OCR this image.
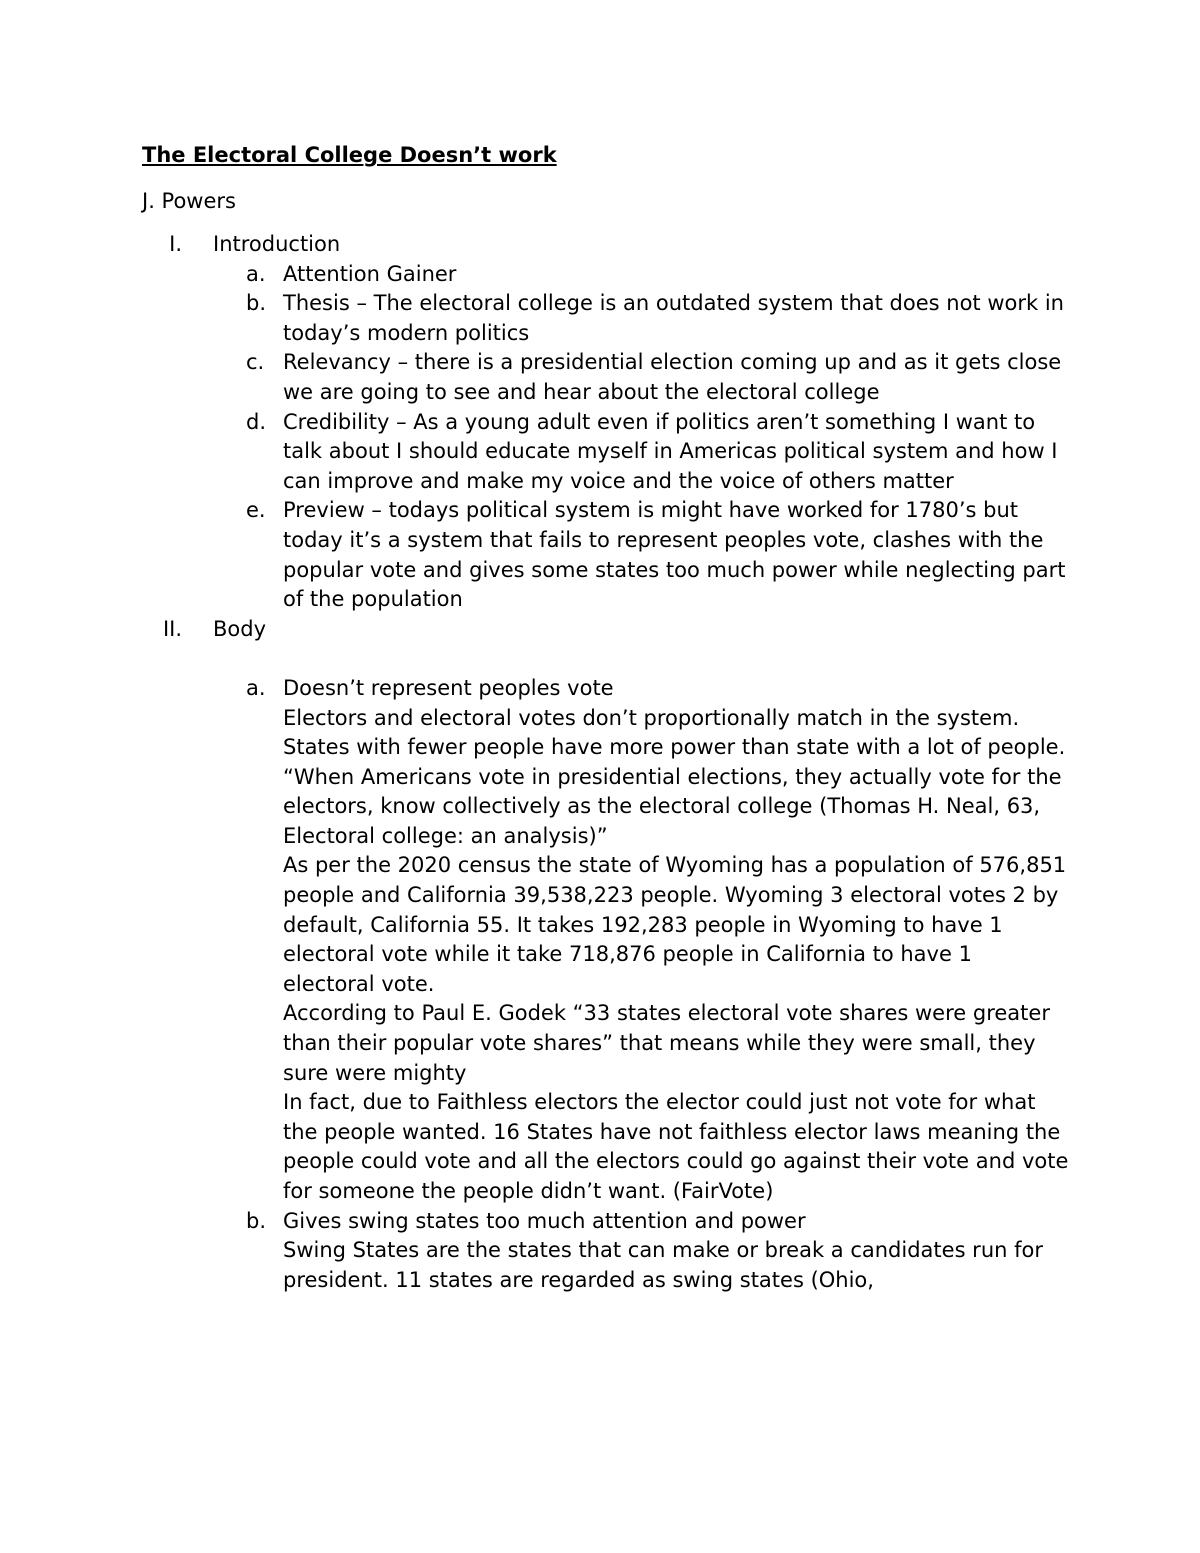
The Electoral College Doesn’t work
J. Powers
I. Introduction
a. Attention Gainer
b. Thesis – The electoral college is an outdated system that does not work in today’s modern politics
c. Relevancy – there is a presidential election coming up and as it gets close we are going to see and hear about the electoral college
d. Credibility – As a young adult even if politics aren’t something I want to talk about I should educate myself in Americas political system and how I can improve and make my voice and the voice of others matter
e. Preview – todays political system is might have worked for 1780’s but today it’s a system that fails to represent peoples vote, clashes with the popular vote and gives some states too much power while neglecting part of the population
II. Body
a. Doesn’t represent peoples vote
Electors and electoral votes don’t proportionally match in the system. States with fewer people have more power than state with a lot of people.
“When Americans vote in presidential elections, they actually vote for the electors, know collectively as the electoral college (Thomas H. Neal, 63, Electoral college: an analysis)”
As per the 2020 census the state of Wyoming has a population of 576,851 people and California 39,538,223 people. Wyoming 3 electoral votes 2 by default, California 55. It takes 192,283 people in Wyoming to have 1 electoral vote while it take 718,876 people in California to have 1 electoral vote.
According to Paul E. Godek “33 states electoral vote shares were greater than their popular vote shares” that means while they were small, they sure were mighty
In fact, due to Faithless electors the elector could just not vote for what the people wanted. 16 States have not faithless elector laws meaning the people could vote and all the electors could go against their vote and vote for someone the people didn’t want. (FairVote)
b. Gives swing states too much attention and power
Swing States are the states that can make or break a candidates run for president. 11 states are regarded as swing states (Ohio,
